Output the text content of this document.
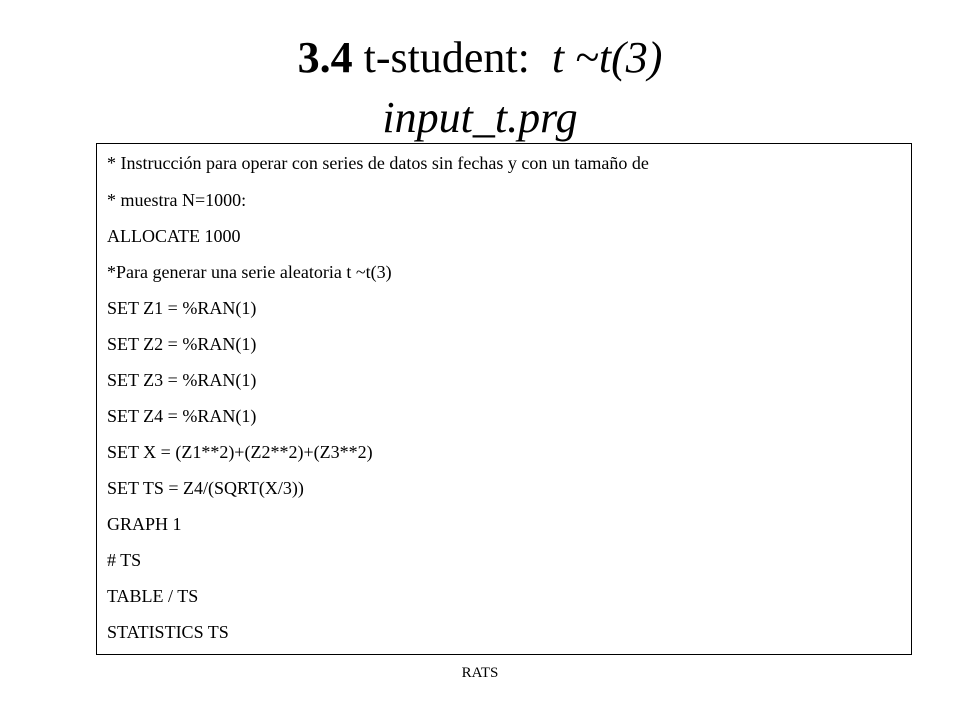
3.4 t-student:  t ~t(3)
input_t.prg
* Instrucción para operar con series de datos sin fechas y con un tamaño de
* muestra N=1000:
ALLOCATE 1000
*Para generar una serie aleatoria t ~t(3)
SET Z1 = %RAN(1)
SET Z2 = %RAN(1)
SET Z3 = %RAN(1)
SET Z4 = %RAN(1)
SET X = (Z1**2)+(Z2**2)+(Z3**2)
SET TS = Z4/(SQRT(X/3))
GRAPH 1
# TS
TABLE / TS
STATISTICS TS
RATS
